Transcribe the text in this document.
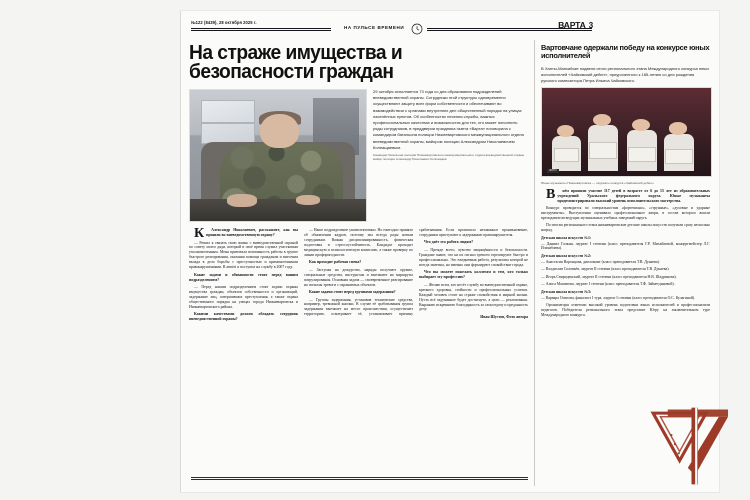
№122 (8439), 28 октября 2025 г.
НА ПУЛЬСЕ ВРЕМЕНИ	ВАРТА 3
На страже имущества и безопасности граждан
29 октября исполняется 73 года со дня образования подразделений вневедомственной охраны. Сотрудники этой структуры одновременно осуществляют защиту всех форм собственности и обеспечивают во взаимодействии с органами внутренних дел общественный порядок на улицах населённых пунктов. Об особенностях несения службы, важных профессиональных качествах и возможностях для тех, кто может пополнить ряды сотрудников, в преддверии праздника газета «Варта» поговорила с командиром батальона полиции Нижневартовского межмуниципального отдела вневедомственной охраны, майором полиции Александром Николаевичем Колпащаевым.
Командир батальона полиции Нижневартовского межмуниципального отдела вневедомственной охраны майор полиции Александр Николаевич Колпащаев

К Александр Николаевич, расскажите, как вы пришли во вневедомственную охрану?

— Решил я связать свою жизнь с вневедомственной охраной по совету моего дяди, который в своё время служил участковым уполномоченным. Меня привлекла возможность работы в группе быстрого реагирования, оказания помощи гражданам и внесения вклада в дело борьбы с преступностью и криминогенными правонарушениями. В armiei я поступил на службу в 2007 году.

Какие задачи и обязанности стоят перед вашим подразделением?

— Перед нашим подразделением стоят задачи охраны имущества граждан, объектов собственности и организаций, задержание лиц, совершивших преступления, а также охрана общественного порядка на улицах города Нижневартовска и Нижневартовского района.

Какими качествами должен обладать сотрудник вневедомственной охраны?

— Наше подразделение укомплектовано. Но ежегодно принято об обновлении кадров, поэтому мы всегда рады новым сотрудникам. Важны дисциплинированность, физическая подготовка и стрессоустойчивость. Кандидат проходит медицинскую и психологическую комиссию, а также проверку по линии профпригодности.

Как проходит рабочая смена?

— Заступая на дежурство, наряды получают оружие, специальные средства, инструктаж и выезжают на маршруты патрулирования. Основная задача — своевременное реагирование на сигналы тревоги с охраняемых объектов.

Какие задачи стоят перед группами задержания?

— Группы задержания, установив технические средства, например, тревожной кнопки. В случае её срабатывания группа задержания выезжает на место происшествия, осуществляет территорию, осматривает её, устанавливает причину срабатывания. Если произошло незаконное проникновение, сотрудники приступают к задержанию правонарушителя.

Что даёт эта работа людям?

— Прежде всего, чувство защищённости и безопасности. Граждане знают, что на их сигнал тревоги отреагируют быстро и профессионально. Это ежедневная работа, результаты которой не всегда заметны, но именно они формируют спокойствие города.

Что вы можете пожелать коллегам и тем, кто только выбирает эту профессию?

— Желаю всем, кто несёт службу во вневедомственной охране, крепкого здоровья, стойкости и профессиональных успехов. Каждый человек стоит на страже спокойствия и мирной жизни. Пусть всё задуманное будет достигнуто, а цели — реализованы. Выражаю искреннюю благодарность за самоотдачу и преданность делу.

Иван Шустов, Фото автора

Вартовчане одержали победу на конкурсе юных исполнителей
В Ханты-Мансийске подвели итоги регионального этапа Международного конкурса юных исполнителей «Чайковский дебют», приуроченного к 185-летию со дня рождения русского композитора Петра Ильича Чайковского.
ФОТО
Юные музыканты Нижневартовска — лауреаты конкурса «Чайковский дебют»

В нём приняли участие 117 детей в возрасте от 6 до 15 лет из образовательных учреждений Уральского федерального округа. Юные музыканты продемонстрировали высокий уровень исполнительского мастерства.

Конкурс проводится по специальностям «фортепиано», «струнные», «духовые и ударные инструменты». Выступления оценивало профессиональное жюри, в состав которого вошли преподаватели ведущих музыкальных учебных заведений округа.

По итогам регионального этапа нижневартовские детские школы искусств получили сразу несколько наград.

Детская школа искусств №1:

— Даниил Галкин, лауреат I степени (класс преподавателя Г.Р. Михайловой, концертмейстер Л.Г. Ильчибаева).

Детская школа искусств №2:

— Анастасия Воронцова, дипломант (класс преподавателя Т.В. Дунаева).

— Владислав Соловьёв, лауреат II степени (класс преподавателя Т.В. Дунаева).

— Игорь Свириденский, лауреат II степени (класс преподавателя Н.В. Шадринова).

— Алиса Машитова, лауреат I степени (класс преподавателя Т.Ф. Зайнетдиновой).

Детская школа искусств №3:

— Варвара Осипова, финалист I тура, лауреат I степени (класс преподавателя О.С. Кулагиной).

Организаторы отметили высокий уровень подготовки юных исполнителей и профессионализм педагогов. Победители регионального этапа представят Югру на заключительном туре Международного конкурса.
